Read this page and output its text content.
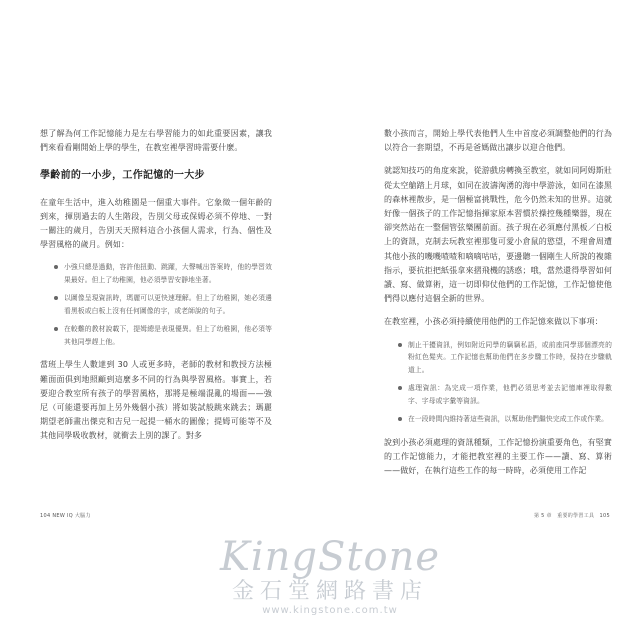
想了解為何工作記憶能力是左右學習能力的如此重要因素，讓我們來看看剛開始上學的學生，在教室裡學習時需要什麼。

學齡前的一小步，工作記憶的一大步

在童年生活中，進入幼稚園是一個重大事件。它象徵一個年齡的到來，揮別過去的人生階段，告別父母或保姆必須不停地、一對一關注的歲月，告別天天照料這合小孩個人需求，行為、個性及學習風格的歲月。例如：

小強只總是過動，容許他扭動、跳躍，大聲喊出答案時，他的學習效果最好。但上了幼稚園，他必須學習安靜地坐著。
以圖像呈現資訊時，瑪麗可以更快速理解。但上了幼稚園，她必須邊看黑板或白板上沒有任何圖像的字，或老師說的句子。
在較難的教材說載下，提姆總是表現優異。但上了幼稚園，他必須等其他同學趕上他。

當班上學生人數達到 30 人或更多時，老師的教材和教授方法極難面面俱到地照顧到這麼多不同的行為與學習風格。事實上，若要迎合教室所有孩子的學習風格，那將是極端混亂的場面——強尼（可能還要再加上另外幾個小孩）將如裝試般跳來跳去；瑪麗期望老師畫出傑克和吉兒一起提一桶水的圖像；提姆可能等不及其他同學吸收教材，就衝去上別的課了。對多

104 NEW IQ 大腦力	第 5 章　重要的學習工具　105

數小孩而言，開始上學代表他們人生中首度必須調整他們的行為以符合一套期望，不再是爸媽做出讓步以迎合他們。

就認知技巧的角度來說，從游戲房轉換至教室，就如同阿姆斯壯從太空艙踏上月球，如同在波濤洶湧的海中學游泳，如同在漆黑的森林裡散步，是一個極富挑戰性，危今仍然未知的世界。這就好像一個孩子的工作記憶指揮家原本習慣於操控幾種樂器，現在卻突然站在一整個管弦樂團前面。孩子現在必須應付黑板／白板上的資訊，克制去玩教室裡那隻可愛小倉鼠的慾望，不理會周遭其他小孩的嘰嘰喳喳和嘀嘀咕咕，要邊聽一個剛生人所說的複雜指示，要抗拒把紙張拿來摺飛機的誘惑；哦，當然還得學習如何讀、寫、做算術，這一切即仰仗他們的工作記憶，工作記憶使他們得以應付這個全新的世界。

在教室裡，小孩必須持續使用他們的工作記憶來做以下事項：

制止干擾資訊，例如附近同學的竊竊私語，或前座同學那個漂亮的粉紅色髮夾。工作記憶也幫助他們在多步驟工作時，保持在步驟軌道上。
處理資訊：為完成一項作業，他們必須思考並去記憶庫裡取得數字、字母或字彙等資訊。
在一段時間內維持著這些資訊，以幫助他們繼快完成工作或作業。

說到小孩必須處理的資訊種類，工作記憶扮演重要角色，有堅實的工作記憶能力，才能把教室裡的主要工作——讀、寫、算術——做好，在執行這些工作的每一時時，必須使用工作記

KingStone
金石堂網路書店
www.kingstone.com.tw
